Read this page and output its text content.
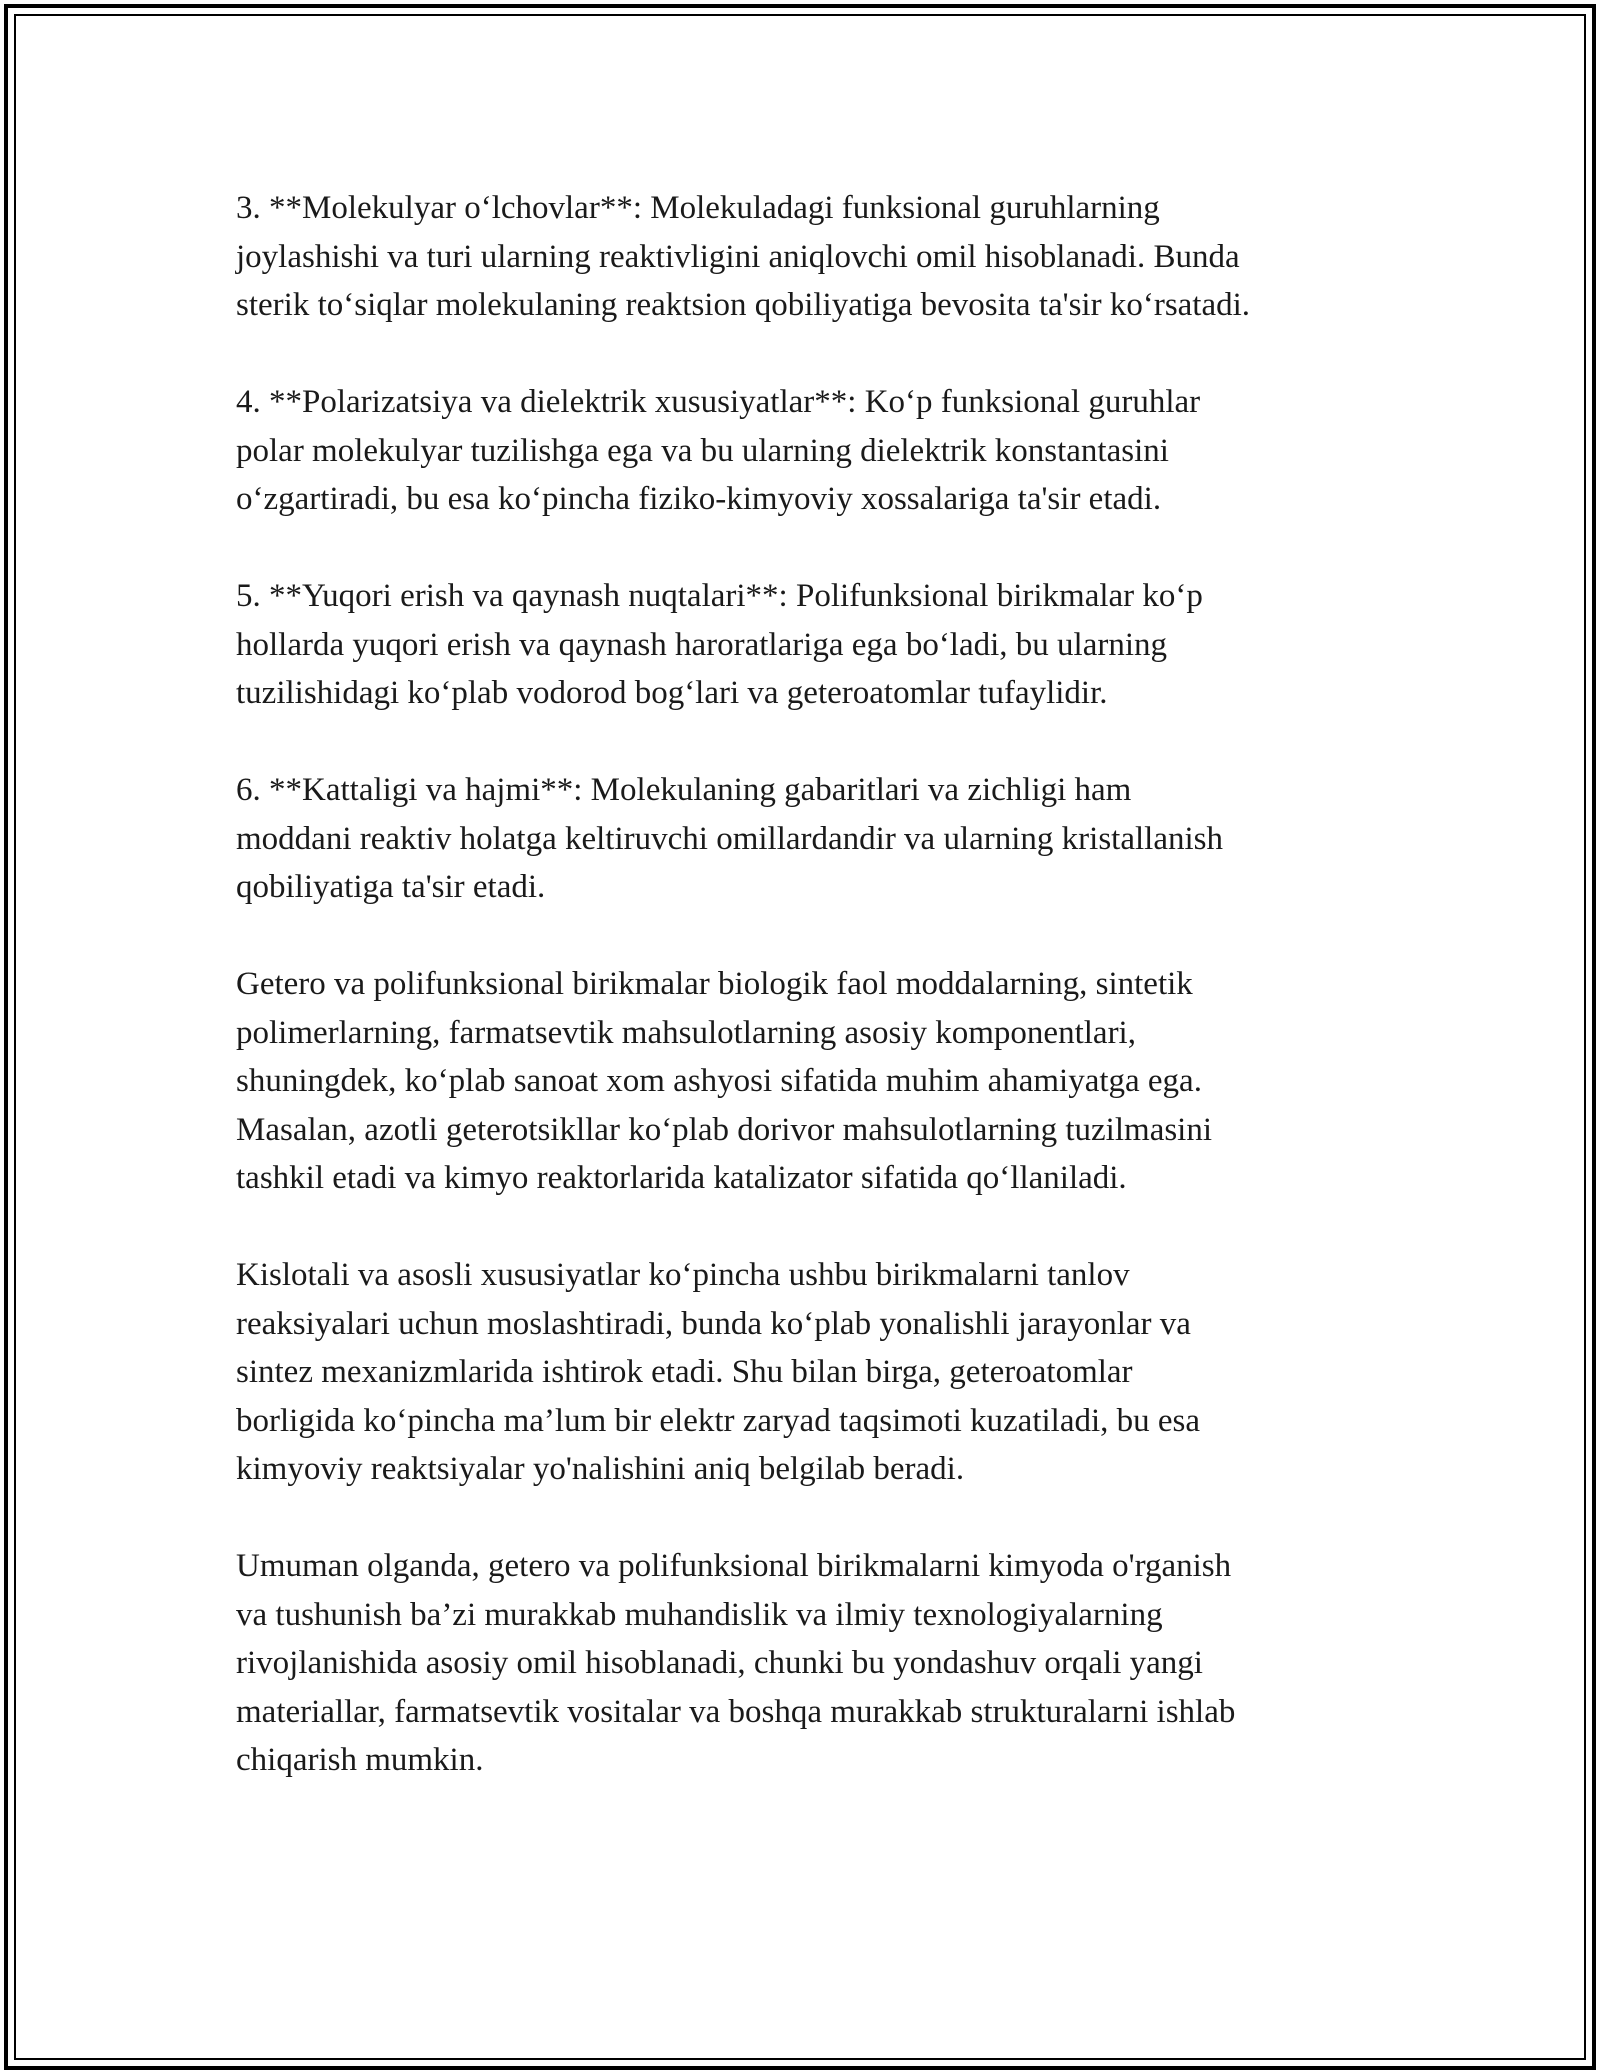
3. **Molekulyar o‘lchovlar**: Molekuladagi funksional guruhlarning
joylashishi va turi ularning reaktivligini aniqlovchi omil hisoblanadi. Bunda
sterik to‘siqlar molekulaning reaktsion qobiliyatiga bevosita ta'sir ko‘rsatadi.

4. **Polarizatsiya va dielektrik xususiyatlar**: Ko‘p funksional guruhlar
polar molekulyar tuzilishga ega va bu ularning dielektrik konstantasini
o‘zgartiradi, bu esa ko‘pincha fiziko-kimyoviy xossalariga ta'sir etadi.

5. **Yuqori erish va qaynash nuqtalari**: Polifunksional birikmalar ko‘p
hollarda yuqori erish va qaynash haroratlariga ega bo‘ladi, bu ularning
tuzilishidagi ko‘plab vodorod bog‘lari va geteroatomlar tufaylidir.

6. **Kattaligi va hajmi**: Molekulaning gabaritlari va zichligi ham
moddani reaktiv holatga keltiruvchi omillardandir va ularning kristallanish
qobiliyatiga ta'sir etadi.

Getero va polifunksional birikmalar biologik faol moddalarning, sintetik
polimerlarning, farmatsevtik mahsulotlarning asosiy komponentlari,
shuningdek, ko‘plab sanoat xom ashyosi sifatida muhim ahamiyatga ega.
Masalan, azotli geterotsikllar ko‘plab dorivor mahsulotlarning tuzilmasini
tashkil etadi va kimyo reaktorlarida katalizator sifatida qo‘llaniladi.

Kislotali va asosli xususiyatlar ko‘pincha ushbu birikmalarni tanlov
reaksiyalari uchun moslashtiradi, bunda ko‘plab yonalishli jarayonlar va
sintez mexanizmlarida ishtirok etadi. Shu bilan birga, geteroatomlar
borligida ko‘pincha ma’lum bir elektr zaryad taqsimoti kuzatiladi, bu esa
kimyoviy reaktsiyalar yo'nalishini aniq belgilab beradi.

Umuman olganda, getero va polifunksional birikmalarni kimyoda o'rganish
va tushunish ba’zi murakkab muhandislik va ilmiy texnologiyalarning
rivojlanishida asosiy omil hisoblanadi, chunki bu yondashuv orqali yangi
materiallar, farmatsevtik vositalar va boshqa murakkab strukturalarni ishlab
chiqarish mumkin.
